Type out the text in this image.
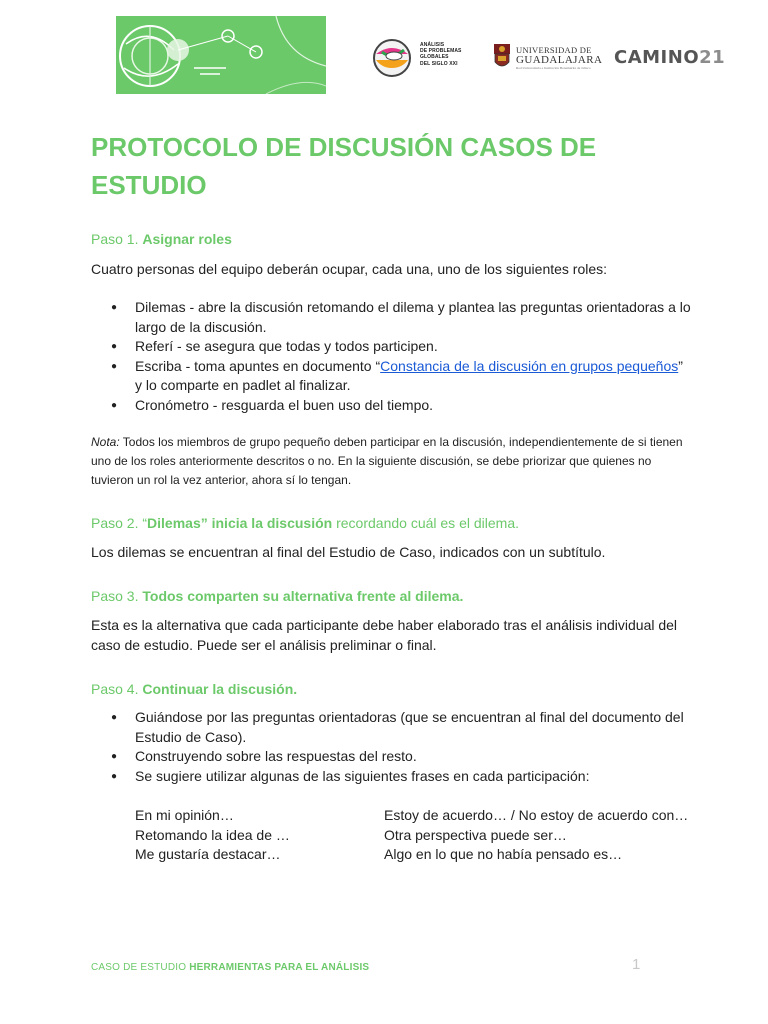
ANÁLISIS
DE PROBLEMAS
GLOBALES
DEL SIGLO XXI
UNIVERSIDAD DE
GUADALAJARA
Red Universitaria e Institución Benemérita de Jalisco CAMINO21
PROTOCOLO DE DISCUSIÓN CASOS DE ESTUDIO

Paso 1. Asignar roles

Cuatro personas del equipo deberán ocupar, cada una, uno de los siguientes roles:

● Dilemas - abre la discusión retomando el dilema y plantea las preguntas orientadoras a lo largo de la discusión.
● Referí - se asegura que todas y todos participen.
● Escriba - toma apuntes en documento “Constancia de la discusión en grupos pequeños” y lo comparte en padlet al finalizar.
● Cronómetro - resguarda el buen uso del tiempo.

Nota: Todos los miembros de grupo pequeño deben participar en la discusión, independientemente de si tienen uno de los roles anteriormente descritos o no. En la siguiente discusión, se debe priorizar que quienes no tuvieron un rol la vez anterior, ahora sí lo tengan.

Paso 2. “Dilemas” inicia la discusión recordando cuál es el dilema.

Los dilemas se encuentran al final del Estudio de Caso, indicados con un subtítulo.

Paso 3. Todos comparten su alternativa frente al dilema.

Esta es la alternativa que cada participante debe haber elaborado tras el análisis individual del caso de estudio. Puede ser el análisis preliminar o final.

Paso 4. Continuar la discusión.

● Guiándose por las preguntas orientadoras (que se encuentran al final del documento del Estudio de Caso).
● Construyendo sobre las respuestas del resto.
● Se sugiere utilizar algunas de las siguientes frases en cada participación:
En mi opinión…
Retomando la idea de …
Me gustaría destacar…
Estoy de acuerdo… / No estoy de acuerdo con…
Otra perspectiva puede ser…
Algo en lo que no había pensado es…
CASO DE ESTUDIO HERRAMIENTAS PARA EL ANÁLISIS	1
